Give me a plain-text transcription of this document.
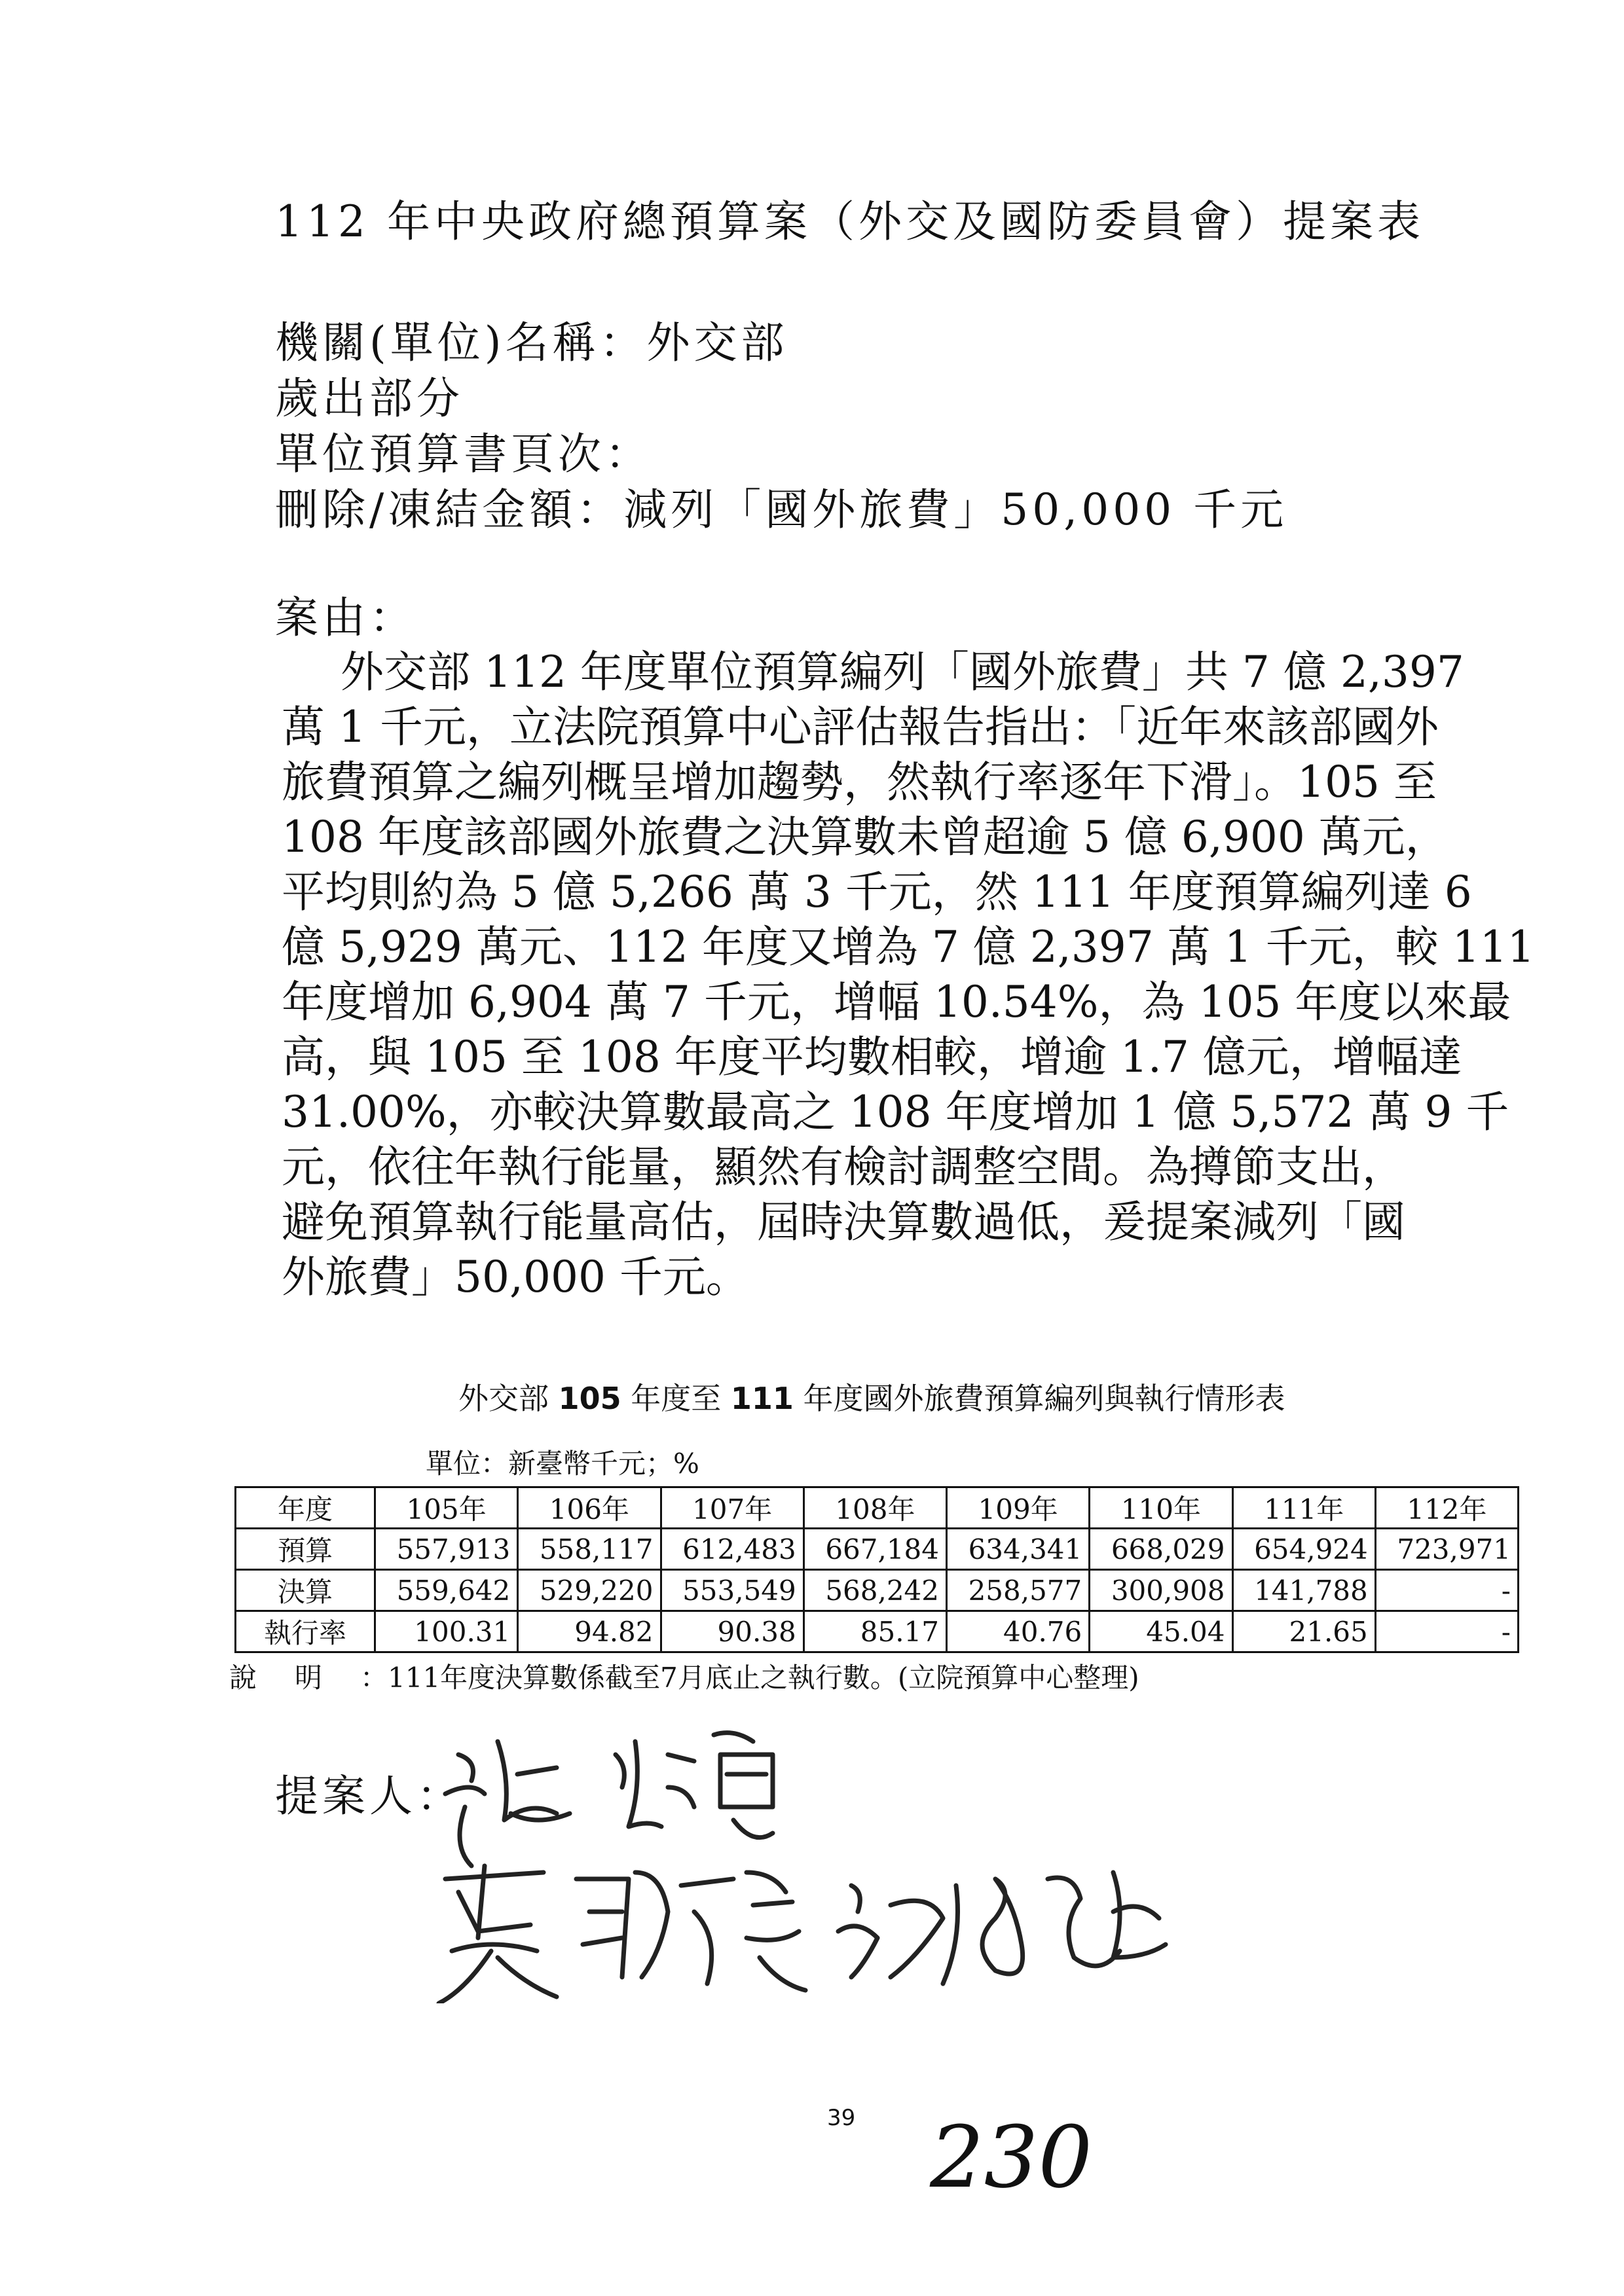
112 年中央政府總預算案（外交及國防委員會）提案表
機關(單位)名稱：外交部
歲出部分
單位預算書頁次：
刪除/凍結金額：減列「國外旅費」50,000 千元
案由：
外交部 112 年度單位預算編列「國外旅費」共 7 億 2,397
萬 1 千元，立法院預算中心評估報告指出：「近年來該部國外
旅費預算之編列概呈增加趨勢，然執行率逐年下滑」。105 至
108 年度該部國外旅費之決算數未曾超逾 5 億 6,900 萬元，
平均則約為 5 億 5,266 萬 3 千元，然 111 年度預算編列達 6
億 5,929 萬元、112 年度又增為 7 億 2,397 萬 1 千元，較 111
年度增加 6,904 萬 7 千元，增幅 10.54%，為 105 年度以來最
高，與 105 至 108 年度平均數相較，增逾 1.7 億元，增幅達
31.00%，亦較決算數最高之 108 年度增加 1 億 5,572 萬 9 千
元，依往年執行能量，顯然有檢討調整空間。為撙節支出，
避免預算執行能量高估，屆時決算數過低，爰提案減列「國
外旅費」50,000 千元。
外交部 105 年度至 111 年度國外旅費預算編列與執行情形表
單位：新臺幣千元；%
年度	105年	106年	107年	108年	109年	110年	111年	112年
預算	557,913	558,117	612,483	667,184	634,341	668,029	654,924	723,971
決算	559,642	529,220	553,549	568,242	258,577	300,908	141,788	-
執行率	100.31	94.82	90.38	85.17	40.76	45.04	21.65	-
說明：111年度決算數係截至7月底止之執行數。(立院預算中心整理)
提案人：
39 230
